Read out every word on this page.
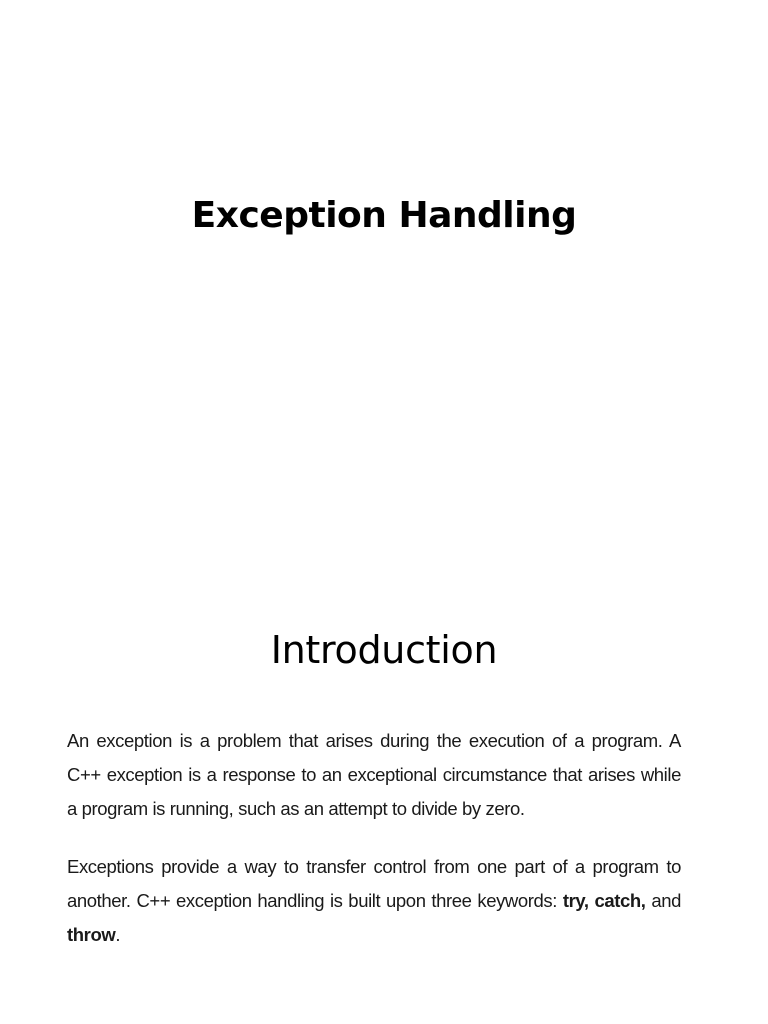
Exception Handling
Introduction
An exception is a problem that arises during the execution of a program. A C++ exception is a response to an exceptional circumstance that arises while a program is running, such as an attempt to divide by zero.
Exceptions provide a way to transfer control from one part of a program to another. C++ exception handling is built upon three keywords: try, catch, and throw.
